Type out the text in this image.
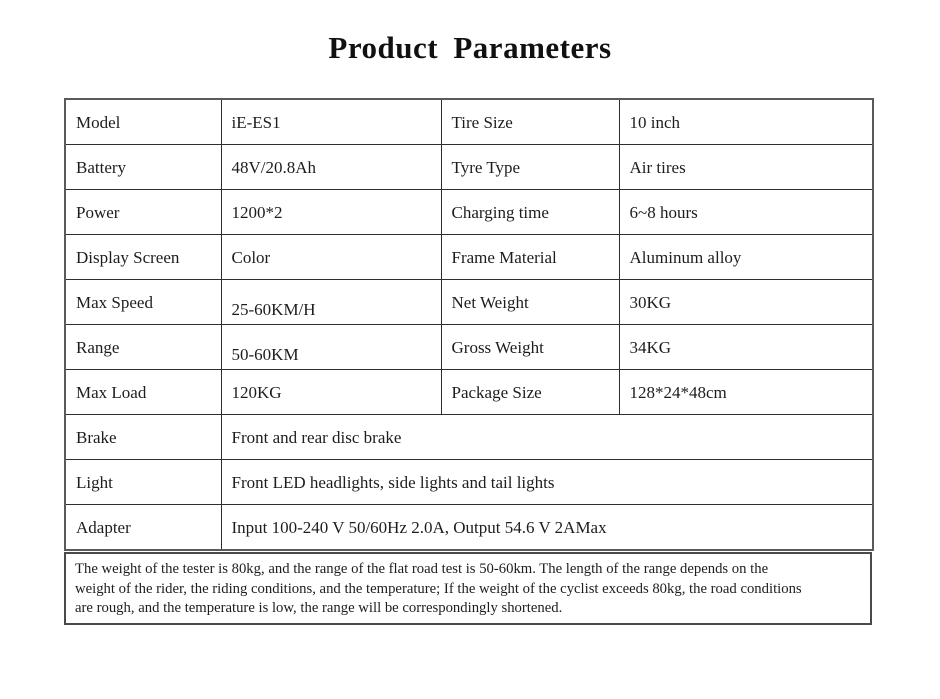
Product Parameters
Model	iE-ES1	Tire Size	10 inch
Battery	48V/20.8Ah	Tyre Type	Air tires
Power	1200*2	Charging time	6~8 hours
Display Screen	Color	Frame Material	Aluminum alloy
Max Speed	25-60KM/H	Net Weight	30KG
Range	50-60KM	Gross Weight	34KG
Max Load	120KG	Package Size	128*24*48cm
Brake	Front and rear disc brake		
Light	Front LED headlights, side lights and tail lights		
Adapter	Input 100-240 V 50/60Hz 2.0A, Output 54.6 V 2AMax		
The weight of the tester is 80kg, and the range of the flat road test is 50-60km. The length of the range depends on the
weight of the rider, the riding conditions, and the temperature; If the weight of the cyclist exceeds 80kg, the road conditions
are rough, and the temperature is low, the range will be correspondingly shortened.
